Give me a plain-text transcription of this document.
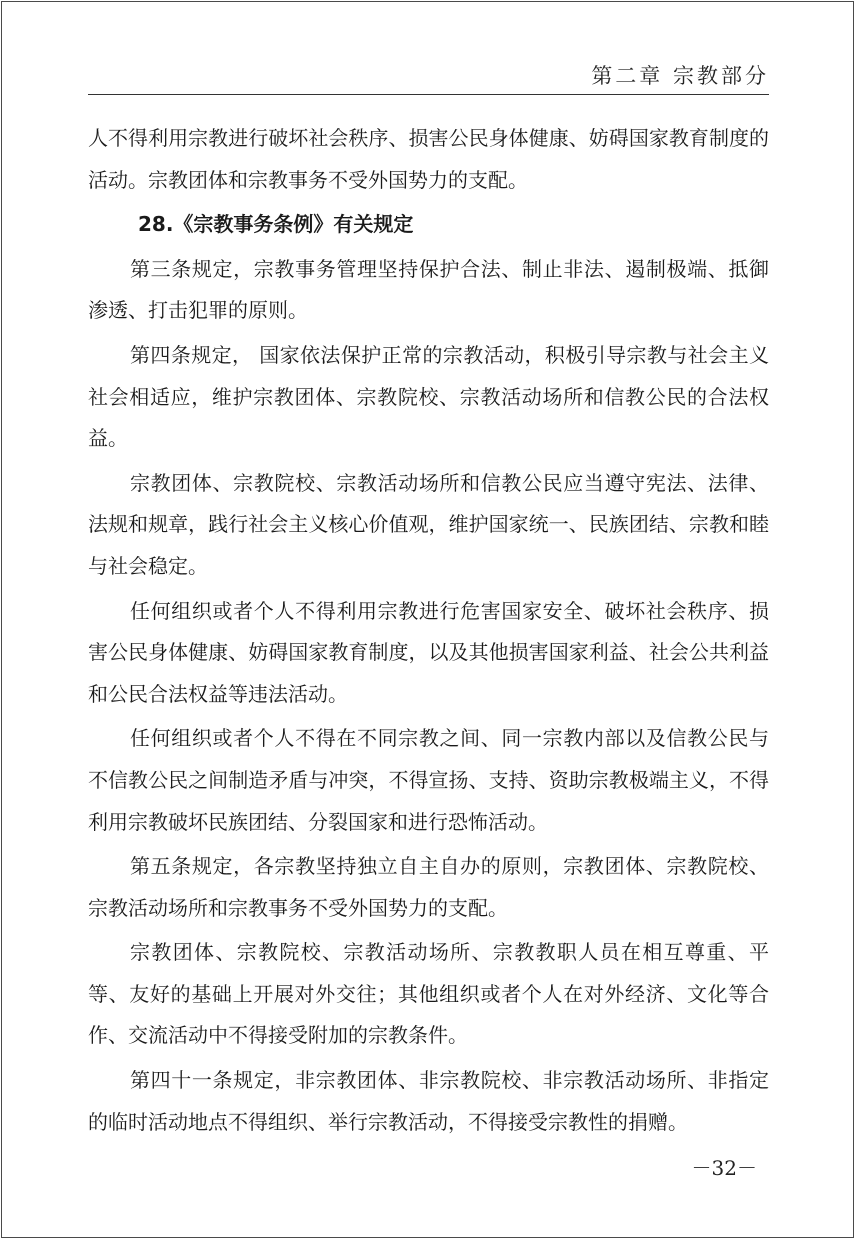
第二章 宗教部分

人不得利用宗教进行破坏社会秩序、损害公民身体健康、妨碍国家教育制度的活动。宗教团体和宗教事务不受外国势力的支配。

28.《宗教事务条例》有关规定

第三条规定，宗教事务管理坚持保护合法、制止非法、遏制极端、抵御渗透、打击犯罪的原则。

第四条规定， 国家依法保护正常的宗教活动，积极引导宗教与社会主义社会相适应，维护宗教团体、宗教院校、宗教活动场所和信教公民的合法权益。

宗教团体、宗教院校、宗教活动场所和信教公民应当遵守宪法、法律、法规和规章，践行社会主义核心价值观，维护国家统一、民族团结、宗教和睦与社会稳定。

任何组织或者个人不得利用宗教进行危害国家安全、破坏社会秩序、损害公民身体健康、妨碍国家教育制度，以及其他损害国家利益、社会公共利益和公民合法权益等违法活动。

任何组织或者个人不得在不同宗教之间、同一宗教内部以及信教公民与不信教公民之间制造矛盾与冲突，不得宣扬、支持、资助宗教极端主义，不得利用宗教破坏民族团结、分裂国家和进行恐怖活动。

第五条规定，各宗教坚持独立自主自办的原则，宗教团体、宗教院校、宗教活动场所和宗教事务不受外国势力的支配。

宗教团体、宗教院校、宗教活动场所、宗教教职人员在相互尊重、平等、友好的基础上开展对外交往；其他组织或者个人在对外经济、文化等合作、交流活动中不得接受附加的宗教条件。

第四十一条规定，非宗教团体、非宗教院校、非宗教活动场所、非指定的临时活动地点不得组织、举行宗教活动，不得接受宗教性的捐赠。

－32－
